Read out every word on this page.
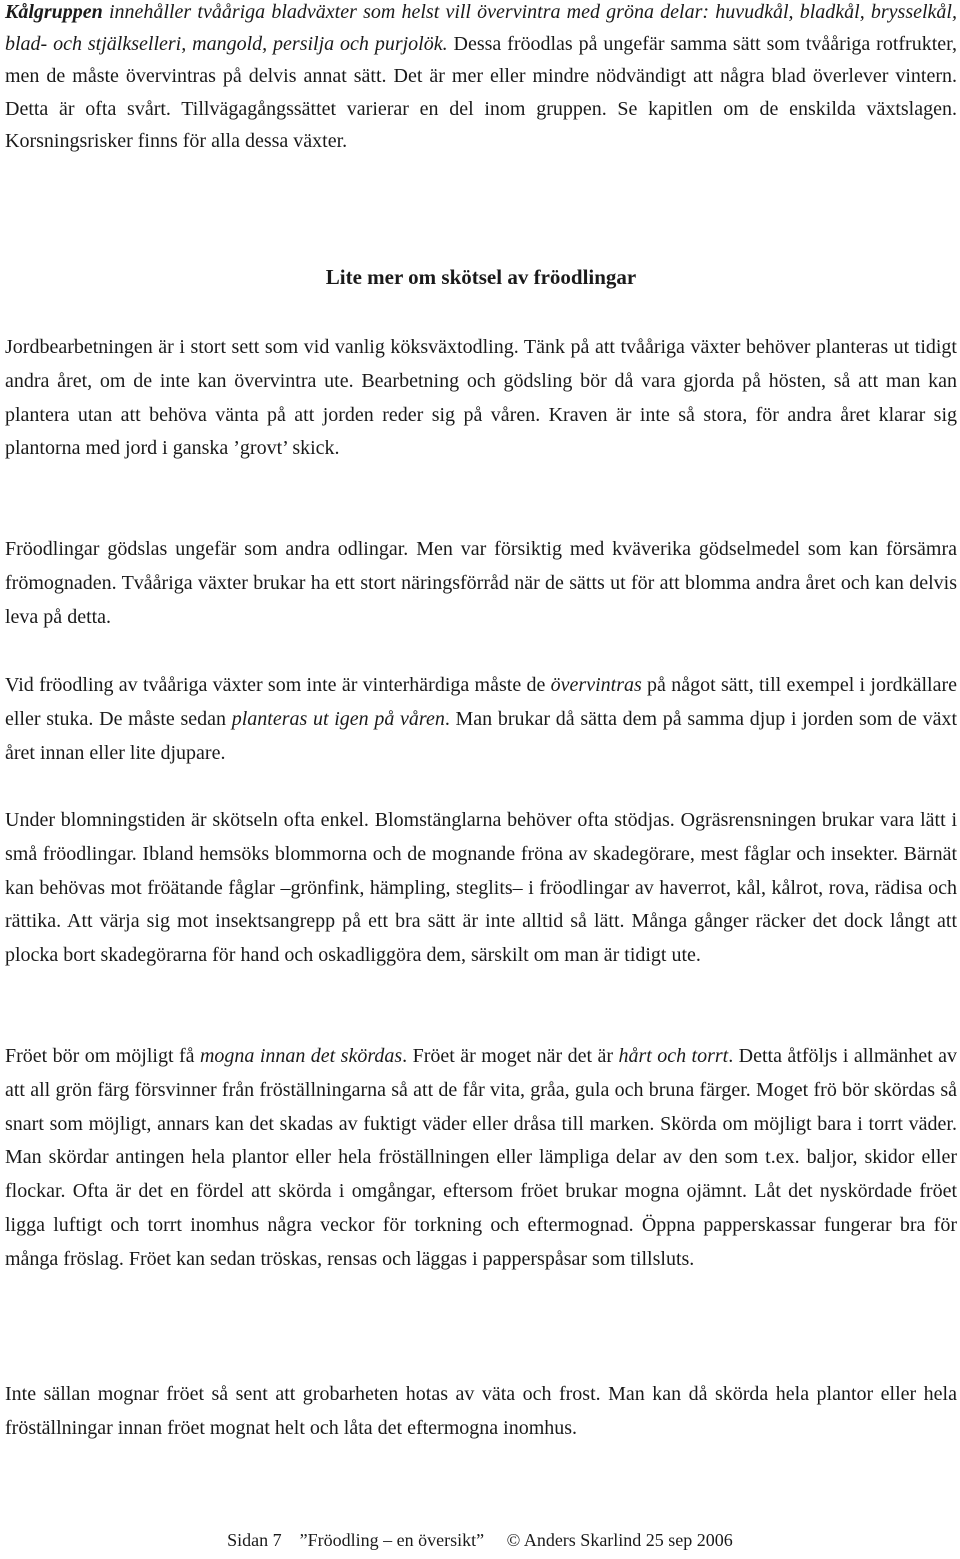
Kålgruppen innehåller tvååriga bladväxter som helst vill övervintra med gröna delar: huvudkål, bladkål, brysselkål, blad- och stjälkselleri, mangold, persilja och purjolök. Dessa fröodlas på ungefär samma sätt som tvååriga rotfrukter, men de måste övervintras på delvis annat sätt. Det är mer eller mindre nödvändigt att några blad överlever vintern. Detta är ofta svårt. Tillvägagångssättet varierar en del inom gruppen. Se kapitlen om de enskilda växtslagen. Korsningsrisker finns för alla dessa växter.

Lite mer om skötsel av fröodlingar

Jordbearbetningen är i stort sett som vid vanlig köksväxtodling. Tänk på att tvååriga växter behöver planteras ut tidigt andra året, om de inte kan övervintra ute. Bearbetning och gödsling bör då vara gjorda på hösten, så att man kan plantera utan att behöva vänta på att jorden reder sig på våren. Kraven är inte så stora, för andra året klarar sig plantorna med jord i ganska ’grovt’ skick.

Fröodlingar gödslas ungefär som andra odlingar. Men var försiktig med kväverika gödselmedel som kan försämra frömognaden. Tvååriga växter brukar ha ett stort näringsförråd när de sätts ut för att blomma andra året och kan delvis leva på detta.

Vid fröodling av tvååriga växter som inte är vinterhärdiga måste de övervintras på något sätt, till exempel i jordkällare eller stuka. De måste sedan planteras ut igen på våren. Man brukar då sätta dem på samma djup i jorden som de växt året innan eller lite djupare.

Under blomningstiden är skötseln ofta enkel. Blomstänglarna behöver ofta stödjas. Ogräsrensningen brukar vara lätt i små fröodlingar. Ibland hemsöks blommorna och de mognande fröna av skadegörare, mest fåglar och insekter. Bärnät kan behövas mot fröätande fåglar –grönfink, hämpling, steglits– i fröodlingar av haverrot, kål, kålrot, rova, rädisa och rättika. Att värja sig mot insektsangrepp på ett bra sätt är inte alltid så lätt. Många gånger räcker det dock långt att plocka bort skadegörarna för hand och oskadliggöra dem, särskilt om man är tidigt ute.

Fröet bör om möjligt få mogna innan det skördas. Fröet är moget när det är hårt och torrt. Detta åtföljs i allmänhet av att all grön färg försvinner från fröställningarna så att de får vita, gråa, gula och bruna färger. Moget frö bör skördas så snart som möjligt, annars kan det skadas av fuktigt väder eller dråsa till marken. Skörda om möjligt bara i torrt väder. Man skördar antingen hela plantor eller hela fröställningen eller lämpliga delar av den som t.ex. baljor, skidor eller flockar. Ofta är det en fördel att skörda i omgångar, eftersom fröet brukar mogna ojämnt. Låt det nyskördade fröet ligga luftigt och torrt inomhus några veckor för torkning och eftermognad. Öppna papperskassar fungerar bra för många fröslag. Fröet kan sedan tröskas, rensas och läggas i papperspåsar som tillsluts.

Inte sällan mognar fröet så sent att grobarheten hotas av väta och frost. Man kan då skörda hela plantor eller hela fröställningar innan fröet mognat helt och låta det eftermogna inomhus.

Sidan 7    ”Fröodling – en översikt”     © Anders Skarlind 25 sep 2006
